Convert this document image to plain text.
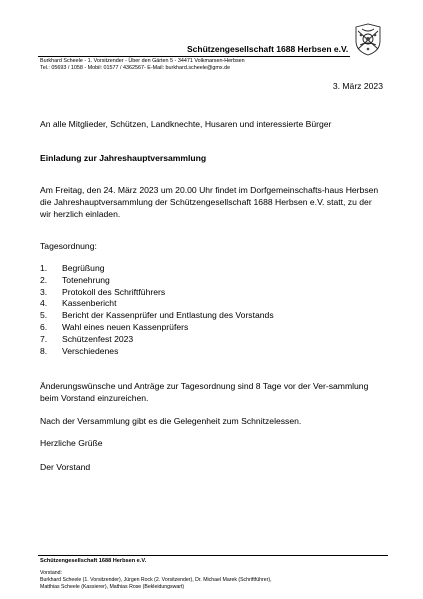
Schützengesellschaft 1688 Herbsen e.V.
Burkhard Scheele - 1. Vorsitzender - Über den Gärten 5 - 34471 Volkmarsen-Herbsen
Tel.: 05693 / 1058 - Mobil: 01577 / 4362567- E-Mail: burkhard.scheele@gmx.de
3. März 2023
An alle Mitglieder, Schützen, Landknechte, Husaren und interessierte Bürger
Einladung zur Jahreshauptversammlung
Am Freitag, den 24. März 2023 um 20.00 Uhr findet im Dorfgemeinschafts-haus Herbsen die Jahreshauptversammlung der Schützengesellschaft 1688 Herbsen e.V. statt, zu der wir herzlich einladen.
Tagesordnung:
1. Begrüßung
2. Totenehrung
3. Protokoll des Schriftführers
4. Kassenbericht
5. Bericht der Kassenprüfer und Entlastung des Vorstands
6. Wahl eines neuen Kassenprüfers
7. Schützenfest 2023
8. Verschiedenes
Änderungswünsche und Anträge zur Tagesordnung sind 8 Tage vor der Ver-sammlung beim Vorstand einzureichen.
Nach der Versammlung gibt es die Gelegenheit zum Schnitzelessen.
Herzliche Grüße
Der Vorstand
Schützengesellschaft 1688 Herbsen e.V.
Vorstand:
Burkhard Scheele (1. Vorsitzender), Jürgen Rock (2. Vorsitzender), Dr. Michael Marek (Schriftführer),
Matthias Scheele (Kassierer), Mathias Rose (Bekleidungswart)
